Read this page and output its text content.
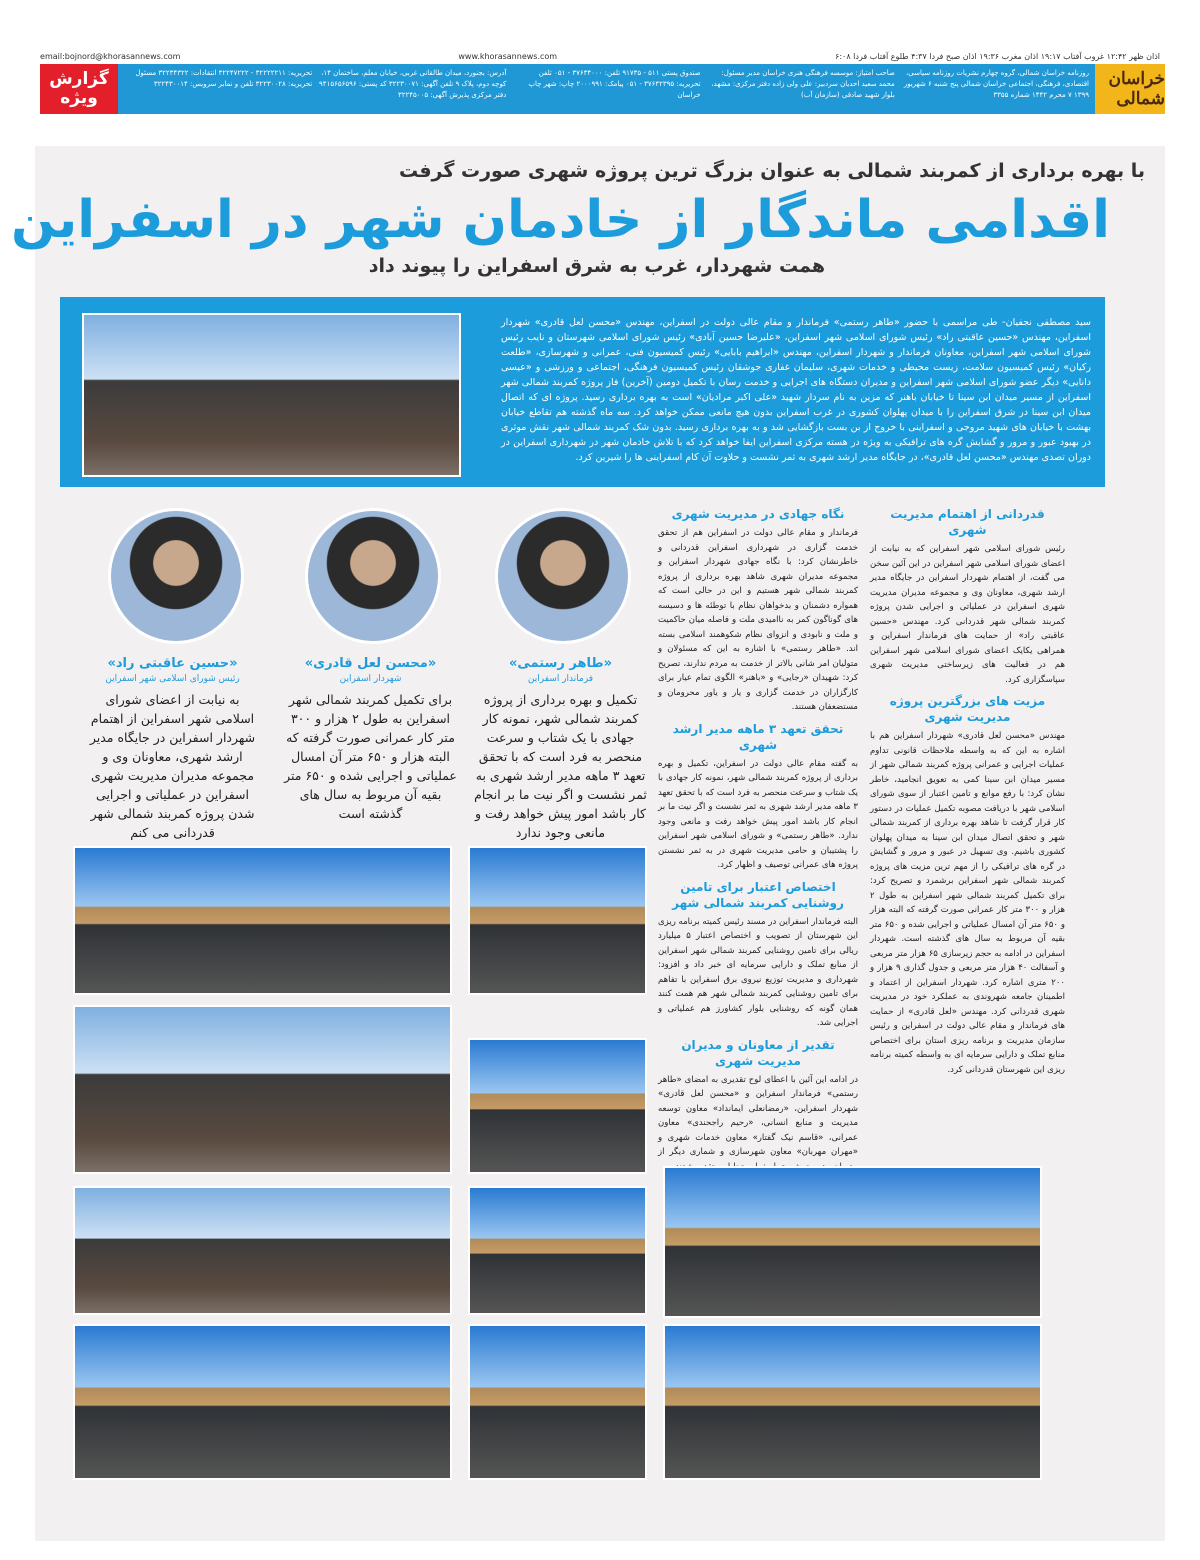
اذان ظهر ۱۲:۴۲ غروب آفتاب ۱۹:۱۷ اذان مغرب ۱۹:۳۶ اذان صبح فردا ۴:۳۷ طلوع آفتاب فردا ۶:۰۸
www.khorasannews.com
email:bojnord@khorasannews.com
خراسان شمالی
روزنامه خراسان شمالی، گروه چهارم نشریات روزنامه سیاسی، اقتصادی، فرهنگی، اجتماعی خراسان شمالی پنج شنبه ۶ شهریور ۱۳۹۹ ۷ محرم ۱۴۴۲ شماره ۳۳۵۵
صاحب امتیاز: موسسه فرهنگی هنری خراسان مدیر مسئول: محمد سعید احدیان سردبیر: علی ولی زاده دفتر مرکزی: مشهد، بلوار شهید صادقی (سازمان آب)
صندوق پستی ۵۱۱ - ۹۱۷۳۵ تلفن: ۳۷۶۳۴۰۰۰ - ۰۵۱ تلفن تحریریه: ۳۷۶۴۲۳۹۵ - ۰۵۱ پیامک: ۲۰۰۰۹۹۱ چاپ: شهر چاپ خراسان
آدرس: بجنورد، میدان طالقانی غربی، خیابان معلم، ساختمان ۱۴، کوچه دوم، پلاک ۹ تلفن آگهی: ۳۲۲۳۰۰۷۱ کد پستی: ۹۴۱۵۶۵۶۵۹۶ دفتر مرکزی پذیرش آگهی: ۳۲۲۴۵۰۰۵
تحریریه: ۳۲۲۲۲۲۱۱ - ۳۲۲۴۷۲۲۲ انتقادات: ۳۲۲۳۴۳۲۲ مسئول تحریریه: ۳۲۲۳۰۰۲۸ تلفن و نمابر سرویس: ۳۲۲۴۳۰۰۱۴
گزارش ویژه
با بهره برداری از کمربند شمالی به عنوان بزرگ ترین پروژه شهری صورت گرفت
اقدامی ماندگار از خادمان شهر در اسفراین
همت شهردار، غرب به شرق اسفراین را پیوند داد
سید مصطفی نجفیان- طی مراسمی با حضور «طاهر رستمی» فرماندار و مقام عالی دولت در اسفراین، مهندس «محسن لعل قادری» شهردار اسفراین، مهندس «حسین عاقبتی راد» رئیس شورای اسلامی شهر اسفراین، «علیرضا حسین آبادی» رئیس شورای اسلامی شهرستان و نایب رئیس شورای اسلامی شهر اسفراین، معاونان فرماندار و شهردار اسفراین، مهندس «ابراهیم بابایی» رئیس کمیسیون فنی، عمرانی و شهرسازی، «طلعت رکیان» رئیس کمیسیون سلامت، زیست محیطی و خدمات شهری، سلیمان غفاری جوشقان رئیس کمیسیون فرهنگی، اجتماعی و ورزشی و «عیسی دانایی» دیگر عضو شورای اسلامی شهر اسفراین و مدیران دستگاه های اجرایی و خدمت رسان با تکمیل دومین (آخرین) فاز پروژه کمربند شمالی شهر اسفراین از مسیر میدان ابن سینا تا خیابان باهنر که مزین به نام سردار شهید «علی اکبر مرادیان» است به بهره برداری رسید. پروژه ای که اتصال میدان ابن سینا در شرق اسفراین را با میدان پهلوان کشوری در غرب اسفراین بدون هیچ مانعی ممکن خواهد کرد. سه ماه گذشته هم تقاطع خیابان بهشت با خیابان های شهید مروجی و اسفراینی با خروج از بن بست بازگشایی شد و به بهره برداری رسید. بدون شک کمربند شمالی شهر نقش موثری در بهبود عبور و مرور و گشایش گره های ترافیکی به ویژه در هسته مرکزی اسفراین ایفا خواهد کرد که با تلاش خادمان شهر در شهرداری اسفراین در دوران تصدی مهندس «محسن لعل قادری»، در جایگاه مدیر ارشد شهری به ثمر نشست و حلاوت آن کام اسفراینی ها را شیرین کرد.
قدردانی از اهتمام مدیریت شهری
رئیس شورای اسلامی شهر اسفراین که به نیابت از اعضای شورای اسلامی شهر اسفراین در این آئین سخن می گفت، از اهتمام شهردار اسفراین در جایگاه مدیر ارشد شهری، معاونان وی و مجموعه مدیران مدیریت شهری اسفراین در عملیاتی و اجرایی شدن پروژه کمربند شمالی شهر قدردانی کرد. مهندس «حسین عاقبتی راد» از حمایت های فرماندار اسفراین و همراهی یکایک اعضای شورای اسلامی شهر اسفراین هم در فعالیت های زیرساختی مدیریت شهری سپاسگزاری کرد.
مزیت های بزرگترین پروژه مدیریت شهری
مهندس «محسن لعل قادری» شهردار اسفراین هم با اشاره به این که به واسطه ملاحظات قانونی تداوم عملیات اجرایی و عمرانی پروژه کمربند شمالی شهر از مسیر میدان ابن سینا کمی به تعویق انجامید، خاطر نشان کرد: با رفع موانع و تامین اعتبار از سوی شورای اسلامی شهر با دریافت مصوبه تکمیل عملیات در دستور کار قرار گرفت تا شاهد بهره برداری از کمربند شمالی شهر و تحقق اتصال میدان ابن سینا به میدان پهلوان کشوری باشیم. وی تسهیل در عبور و مرور و گشایش در گره های ترافیکی را از مهم ترین مزیت های پروژه کمربند شمالی شهر اسفراین برشمرد و تصریح کرد: برای تکمیل کمربند شمالی شهر اسفراین به طول ۲ هزار و ۳۰۰ متر کار عمرانی صورت گرفته که البته هزار و ۶۵۰ متر آن امسال عملیاتی و اجرایی شده و ۶۵۰ متر بقیه آن مربوط به سال های گذشته است. شهردار اسفراین در ادامه به حجم زیرسازی ۶۵ هزار متر مربعی و آسفالت ۴۰ هزار متر مربعی و جدول گذاری ۹ هزار و ۲۰۰ متری اشاره کرد. شهردار اسفراین از اعتماد و اطمینان جامعه شهروندی به عملکرد خود در مدیریت شهری قدردانی کرد. مهندس «لعل قادری» از حمایت های فرماندار و مقام عالی دولت در اسفراین و رئیس سازمان مدیریت و برنامه ریزی استان برای اختصاص منابع تملک و دارایی سرمایه ای به واسطه کمیته برنامه ریزی این شهرستان قدردانی کرد.
نگاه جهادی در مدیریت شهری
فرماندار و مقام عالی دولت در اسفراین هم از تحقق خدمت گزاری در شهرداری اسفراین قدردانی و خاطرنشان کرد: با نگاه جهادی شهردار اسفراین و مجموعه مدیران شهری شاهد بهره برداری از پروژه کمربند شمالی شهر هستیم و این در حالی است که همواره دشمنان و بدخواهان نظام با توطئه ها و دسیسه های گوناگون کمر به ناامیدی ملت و فاصله میان حاکمیت و ملت و نابودی و انزوای نظام شکوهمند اسلامی بسته اند. «طاهر رستمی» با اشاره به این که مسئولان و متولیان امر شانی بالاتر از خدمت به مردم ندارند، تصریح کرد: شهیدان «رجایی» و «باهنر» الگوی تمام عیار برای کارگزاران در خدمت گزاری و یار و یاور محرومان و مستضعفان هستند.
تحقق تعهد ۳ ماهه مدیر ارشد شهری
به گفته مقام عالی دولت در اسفراین، تکمیل و بهره برداری از پروژه کمربند شمالی شهر، نمونه کار جهادی با یک شتاب و سرعت منحصر به فرد است که با تحقق تعهد ۳ ماهه مدیر ارشد شهری به ثمر نشست و اگر نیت ما بر انجام کار باشد امور پیش خواهد رفت و مانعی وجود ندارد. «طاهر رستمی» و شورای اسلامی شهر اسفراین را پشتیبان و حامی مدیریت شهری در به ثمر نشستن پروژه های عمرانی توصیف و اظهار کرد.
اختصاص اعتبار برای تامین روشنایی کمربند شمالی شهر
البته فرماندار اسفراین در مسند رئیس کمیته برنامه ریزی این شهرستان از تصویب و اختصاص اعتبار ۵ میلیارد ریالی برای تامین روشنایی کمربند شمالی شهر اسفراین از منابع تملک و دارایی سرمایه ای خبر داد و افزود: شهرداری و مدیریت توزیع نیروی برق اسفراین با تفاهم برای تامین روشنایی کمربند شمالی شهر هم همت کنند همان گونه که روشنایی بلوار کشاورز هم عملیاتی و اجرایی شد.
تقدیر از معاونان و مدیران مدیریت شهری
در ادامه این آئین با اعطای لوح تقدیری به امضای «طاهر رستمی» فرماندار اسفراین و «محسن لعل قادری» شهردار اسفراین، «رمضانعلی ایمانداد» معاون توسعه مدیریت و منابع انسانی، «رحیم راجحندی» معاون عمرانی، «قاسم نیک گفتار» معاون خدمات شهری و «مهران مهربان» معاون شهرسازی و شماری دیگر از
«طاهر رستمی»
فرماندار اسفراین
«محسن لعل قادری»
شهردار اسفراین
«حسین عاقبتی راد»
رئیس شورای اسلامی شهر اسفراین
تکمیل و بهره برداری از پروژه کمربند شمالی شهر، نمونه کار جهادی با یک شتاب و سرعت منحصر به فرد است که با تحقق تعهد ۳ ماهه مدیر ارشد شهری به ثمر نشست و اگر نیت ما بر انجام کار باشد امور پیش خواهد رفت و مانعی وجود ندارد
برای تکمیل کمربند شمالی شهر اسفراین به طول ۲ هزار و ۳۰۰ متر کار عمرانی صورت گرفته که البته هزار و ۶۵۰ متر آن امسال عملیاتی و اجرایی شده و ۶۵۰ متر بقیه آن مربوط به سال های گذشته است
به نیابت از اعضای شورای اسلامی شهر اسفراین از اهتمام شهردار اسفراین در جایگاه مدیر ارشد شهری، معاونان وی و مجموعه مدیران مدیریت شهری اسفراین در عملیاتی و اجرایی شدن پروژه کمربند شمالی شهر قدردانی می کنم
